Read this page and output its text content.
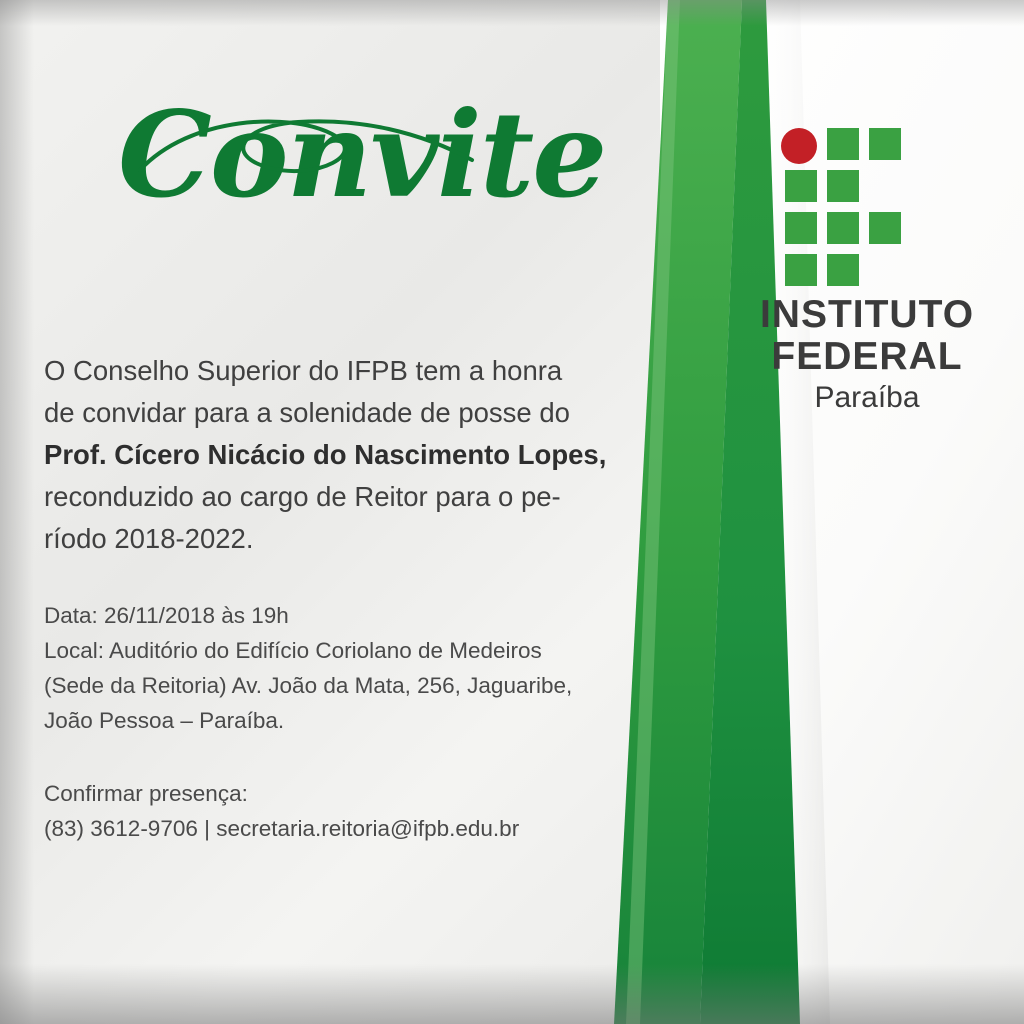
Convite
O Conselho Superior do IFPB tem a honra
de convidar para a solenidade de posse do
Prof. Cícero Nicácio do Nascimento Lopes,
reconduzido ao cargo de Reitor para o pe-
ríodo 2018-2022.
Data: 26/11/2018 às 19h
Local: Auditório do Edifício Coriolano de Medeiros
(Sede da Reitoria) Av. João da Mata, 256, Jaguaribe,
João Pessoa – Paraíba.
Confirmar presença:
(83) 3612-9706 | secretaria.reitoria@ifpb.edu.br
INSTITUTO
FEDERAL
Paraíba
